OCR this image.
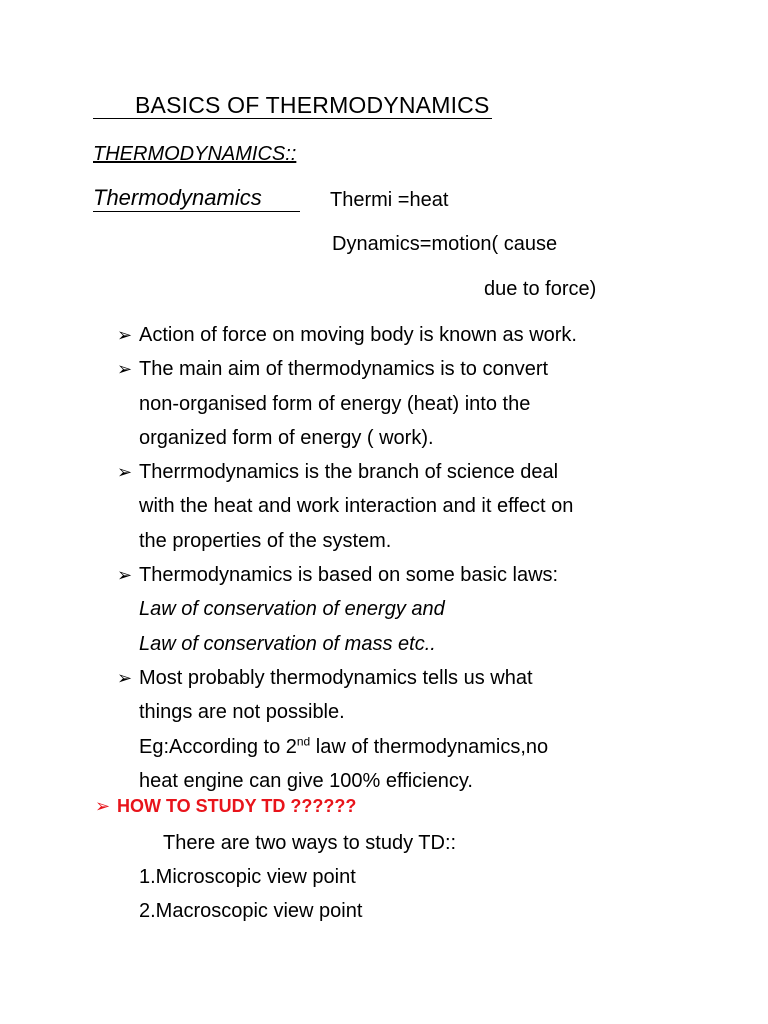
BASICS OF THERMODYNAMICS
THERMODYNAMICS::
Thermodynamics	Thermi =heat
Dynamics=motion( cause
due to force)
➢ Action of force on moving body is known as work.
➢ The main aim of thermodynamics is to convert
non-organised form of energy (heat) into the
organized form of energy ( work).
➢ Therrmodynamics is the branch of science deal
with the heat and work interaction and it effect on
the properties of the system.
➢ Thermodynamics is based on some basic laws:
Law of conservation of energy and
Law of conservation of mass etc..
➢ Most probably thermodynamics tells us what
things are not possible.
Eg:According to 2nd law of thermodynamics,no
heat engine can give 100% efficiency.
➢ HOW TO STUDY TD ??????
There are two ways to study TD::
1.Microscopic view point
2.Macroscopic view point
